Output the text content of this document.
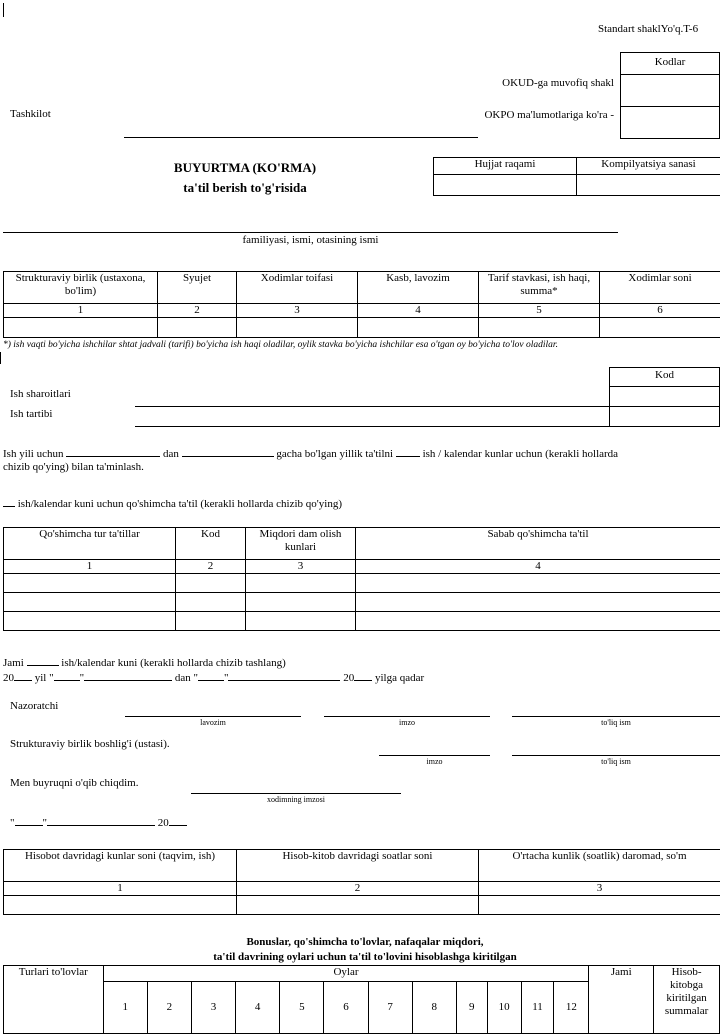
Standart shaklYo'q.T-6
Kodlar
OKUD-ga muvofiq shakl
OKPO ma'lumotlariga ko'ra -
Tashkilot
BUYURTMA (KO'RMA)
ta'til berish to'g'risida
Hujjat raqami	Kompilyatsiya sanasi

familiyasi, ismi, otasining ismi
Strukturaviy birlik (ustaxona, bo'lim)	Syujet	Xodimlar toifasi	Kasb, lavozim	Tarif stavkasi, ish haqi, summa*	Xodimlar soni
1	2	3	4	5	6

*) ish vaqti bo'yicha ishchilar shtat jadvali (tarifi) bo'yicha ish haqi oladilar, oylik stavka bo'yicha ishchilar esa o'tgan oy bo'yicha to'lov oladilar.
Kod
Ish sharoitlari
Ish tartibi
Ish yili uchun	dan	gacha bo'lgan yillik ta'tilni	ish / kalendar kunlar uchun (kerakli hollarda
chizib qo'ying) bilan ta'minlash.
ish/kalendar kuni uchun qo'shimcha ta'til (kerakli hollarda chizib qo'ying)
Qo'shimcha tur ta'tillar	Kod	Miqdori dam olish kunlari	Sabab qo'shimcha ta'til
1	2	3	4

Jami	ish/kalendar kuni (kerakli hollarda chizib tashlang)
20 yil " "	dan " "	20 yilga qadar
Nazoratchi
lavozim	imzo	to'liq ism
Strukturaviy birlik boshlig'i (ustasi).
imzo	to'liq ism
Men buyruqni o'qib chiqdim.
xodimning imzosi
"	"	20
Hisobot davridagi kunlar soni (taqvim, ish)	Hisob-kitob davridagi soatlar soni	O'rtacha kunlik (soatlik) daromad, so'm
1	2	3

Bonuslar, qo'shimcha to'lovlar, nafaqalar miqdori,
ta'til davrining oylari uchun ta'til to'lovini hisoblashga kiritilgan
Turlari to'lovlar	Oylar												Jami	Hisob-kitobga kiritilgan summalar
	1	2	3	4	5	6	7	8	9	10	11	12		
